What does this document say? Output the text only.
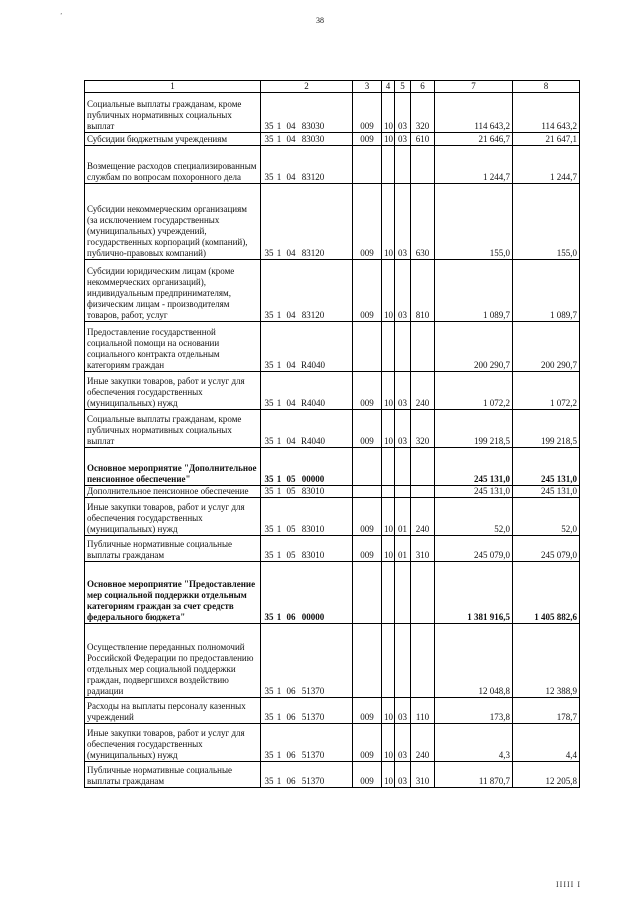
ʼ	38
1	2	3	4	5	6	7	8
Социальные выплаты гражданам, кроме публичных нормативных социальных выплат	35 1 04 83030	009	10	03	320	114 643,2	114 643,2
Субсидии бюджетным учреждениям	35 1 04 83030	009	10	03	610	21 646,7	21 647,1
Возмещение расходов специализированным службам по вопросам похоронного дела	35 1 04 83120					1 244,7	1 244,7
Субсидии некоммерческим организациям (за исключением государственных (муниципальных) учреждений, государственных корпораций (компаний), публично-правовых компаний)	35 1 04 83120	009	10	03	630	155,0	155,0
Субсидии юридическим лицам (кроме некоммерческих организаций), индивидуальным предпринимателям, физическим лицам - производителям товаров, работ, услуг	35 1 04 83120	009	10	03	810	1 089,7	1 089,7
Предоставление государственной социальной помощи на основании социального контракта отдельным категориям граждан	35 1 04 R4040					200 290,7	200 290,7
Иные закупки товаров, работ и услуг для обеспечения государственных (муниципальных) нужд	35 1 04 R4040	009	10	03	240	1 072,2	1 072,2
Социальные выплаты гражданам, кроме публичных нормативных социальных выплат	35 1 04 R4040	009	10	03	320	199 218,5	199 218,5
Основное мероприятие "Дополнительное пенсионное обеспечение"	35 1 05 00000					245 131,0	245 131,0
Дополнительное пенсионное обеспечение	35 1 05 83010					245 131,0	245 131,0
Иные закупки товаров, работ и услуг для обеспечения государственных (муниципальных) нужд	35 1 05 83010	009	10	01	240	52,0	52,0
Публичные нормативные социальные выплаты гражданам	35 1 05 83010	009	10	01	310	245 079,0	245 079,0
Основное мероприятие "Предоставление мер социальной поддержки отдельным категориям граждан за счет средств федерального бюджета"	35 1 06 00000					1 381 916,5	1 405 882,6
Осуществление переданных полномочий Российской Федерации по предоставлению отдельных мер социальной поддержки граждан, подвергшихся воздействию радиации	35 1 06 51370					12 048,8	12 388,9
Расходы на выплаты персоналу казенных учреждений	35 1 06 51370	009	10	03	110	173,8	178,7
Иные закупки товаров, работ и услуг для обеспечения государственных (муниципальных) нужд	35 1 06 51370	009	10	03	240	4,3	4,4
Публичные нормативные социальные выплаты гражданам	35 1 06 51370	009	10	03	310	11 870,7	12 205,8
IIIII I
